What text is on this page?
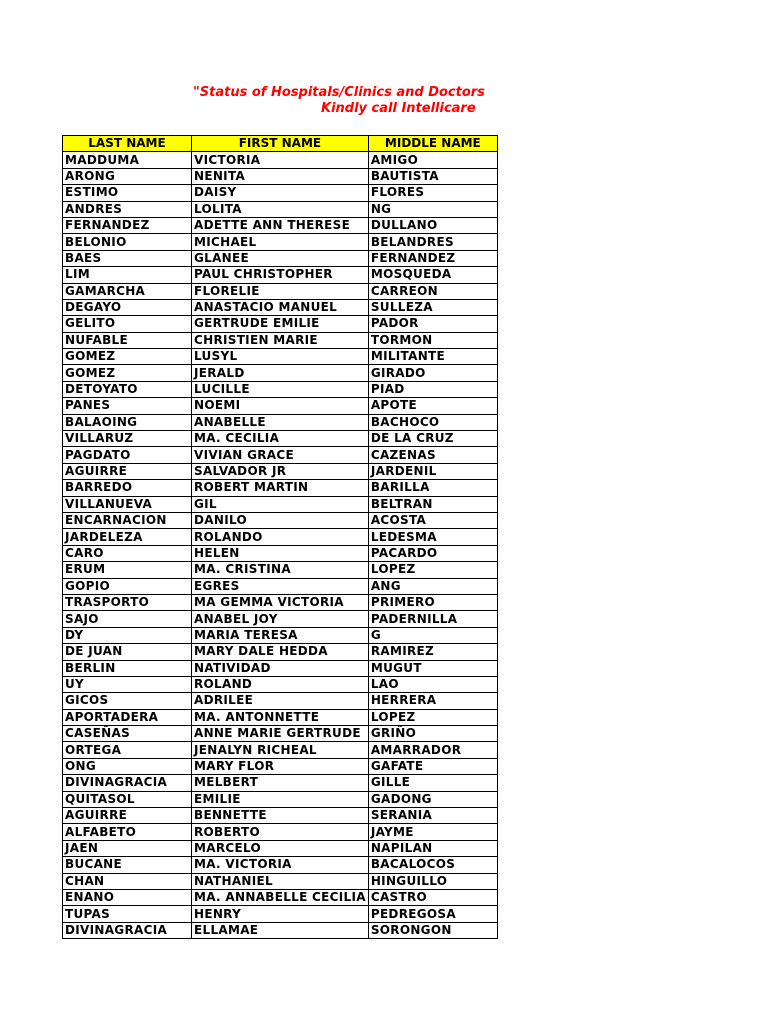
"Status of Hospitals/Clinics and Doctors

Kindly call Intellicare

LAST NAME	FIRST NAME	MIDDLE NAME
MADDUMA	VICTORIA	AMIGO
ARONG	NENITA	BAUTISTA
ESTIMO	DAISY	FLORES
ANDRES	LOLITA	NG
FERNANDEZ	ADETTE ANN THERESE	DULLANO
BELONIO	MICHAEL	BELANDRES
BAES	GLANEE	FERNANDEZ
LIM	PAUL CHRISTOPHER	MOSQUEDA
GAMARCHA	FLORELIE	CARREON
DEGAYO	ANASTACIO MANUEL	SULLEZA
GELITO	GERTRUDE EMILIE	PADOR
NUFABLE	CHRISTIEN MARIE	TORMON
GOMEZ	LUSYL	MILITANTE
GOMEZ	JERALD	GIRADO
DETOYATO	LUCILLE	PIAD
PANES	NOEMI	APOTE
BALAOING	ANABELLE	BACHOCO
VILLARUZ	MA. CECILIA	DE LA CRUZ
PAGDATO	VIVIAN GRACE	CAZENAS
AGUIRRE	SALVADOR JR	JARDENIL
BARREDO	ROBERT MARTIN	BARILLA
VILLANUEVA	GIL	BELTRAN
ENCARNACION	DANILO	ACOSTA
JARDELEZA	ROLANDO	LEDESMA
CARO	HELEN	PACARDO
ERUM	MA. CRISTINA	LOPEZ
GOPIO	EGRES	ANG
TRASPORTO	MA GEMMA VICTORIA	PRIMERO
SAJO	ANABEL JOY	PADERNILLA
DY	MARIA TERESA	G
DE JUAN	MARY DALE HEDDA	RAMIREZ
BERLIN	NATIVIDAD	MUGUT
UY	ROLAND	LAO
GICOS	ADRILEE	HERRERA
APORTADERA	MA. ANTONNETTE	LOPEZ
CASEÑAS	ANNE MARIE GERTRUDE	GRIÑO
ORTEGA	JENALYN RICHEAL	AMARRADOR
ONG	MARY FLOR	GAFATE
DIVINAGRACIA	MELBERT	GILLE
QUITASOL	EMILIE	GADONG
AGUIRRE	BENNETTE	SERANIA
ALFABETO	ROBERTO	JAYME
JAEN	MARCELO	NAPILAN
BUCANE	MA. VICTORIA	BACALOCOS
CHAN	NATHANIEL	HINGUILLO
ENANO	MA. ANNABELLE CECILIA	CASTRO
TUPAS	HENRY	PEDREGOSA
DIVINAGRACIA	ELLAMAE	SORONGON
